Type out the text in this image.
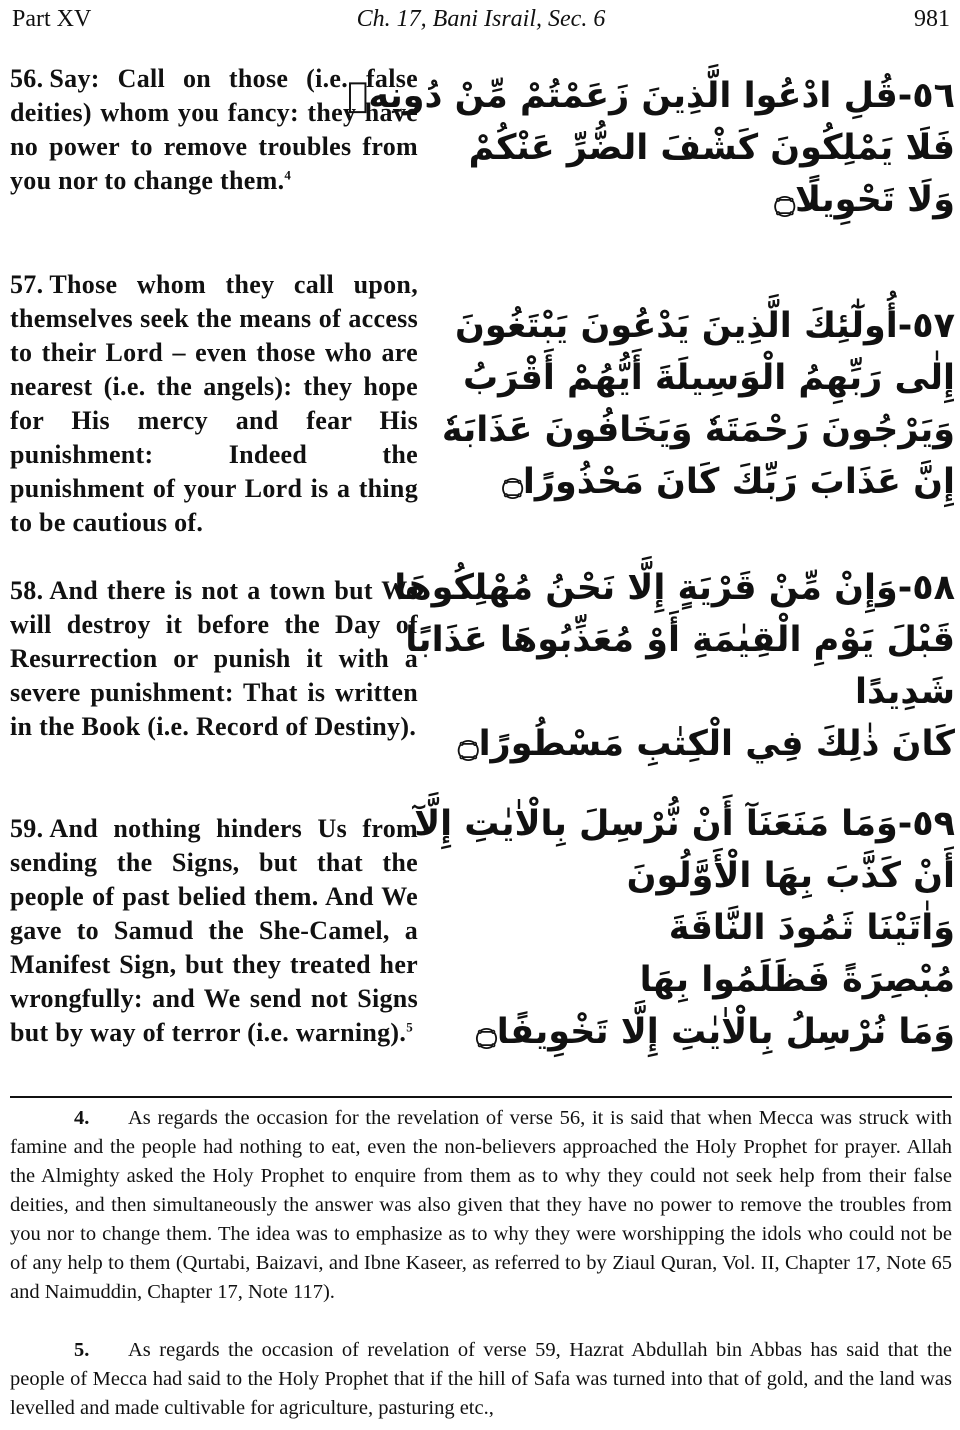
Part XV	Ch. 17, Bani Israil, Sec. 6	981
56. Say: Call on those (i.e. false deities) whom you fancy: they have no power to remove troubles from you nor to change them.$^4$
٥٦-قُلِ ادْعُوا الَّذِينَ زَعَمْتُمْ مِّنْ دُونِهٖ
فَلَا يَمْلِكُونَ كَشْفَ الضُّرِّ عَنْكُمْ
وَلَا تَحْوِيلًا۝
57. Those whom they call upon, themselves seek the means of access to their Lord – even those who are nearest (i.e. the angels): they hope for His mercy and fear His punishment: Indeed the punishment of your Lord is a thing to be cautious of.
٥٧-أُولٰٓئِكَ الَّذِينَ يَدْعُونَ يَبْتَغُونَ
إِلٰى رَبِّهِمُ الْوَسِيلَةَ أَيُّهُمْ أَقْرَبُ
وَيَرْجُونَ رَحْمَتَهٗ وَيَخَافُونَ عَذَابَهٗ
إِنَّ عَذَابَ رَبِّكَ كَانَ مَحْذُورًا۝
58. And there is not a town but We will destroy it before the Day of Resurrection or punish it with a severe punishment: That is written in the Book (i.e. Record of Destiny).
٥٨-وَإِنْ مِّنْ قَرْيَةٍ إِلَّا نَحْنُ مُهْلِكُوهَا
قَبْلَ يَوْمِ الْقِيٰمَةِ أَوْ مُعَذِّبُوهَا عَذَابًا
شَدِيدًا
كَانَ ذٰلِكَ فِي الْكِتٰبِ مَسْطُورًا۝
59. And nothing hinders Us from sending the Signs, but that the people of past belied them. And We gave to Samud the She-Camel, a Manifest Sign, but they treated her wrongfully: and We send not Signs but by way of terror (i.e. warning).$^5$
٥٩-وَمَا مَنَعَنَآ أَنْ نُّرْسِلَ بِالْاٰيٰتِ إِلَّآ
أَنْ كَذَّبَ بِهَا الْأَوَّلُونَ
وَاٰتَيْنَا ثَمُودَ النَّاقَةَ
مُبْصِرَةً فَظَلَمُوا بِهَا
وَمَا نُرْسِلُ بِالْاٰيٰتِ إِلَّا تَخْوِيفًا۝
4. As regards the occasion for the revelation of verse 56, it is said that when Mecca was struck with famine and the people had nothing to eat, even the non-believers approached the Holy Prophet for prayer. Allah the Almighty asked the Holy Prophet to enquire from them as to why they could not seek help from their false deities, and then simultaneously the answer was also given that they have no power to remove the troubles from you nor to change them. The idea was to emphasize as to why they were worshipping the idols who could not be of any help to them (Qurtabi, Baizavi, and Ibne Kaseer, as referred to by Ziaul Quran, Vol. II, Chapter 17, Note 65 and Naimuddin, Chapter 17, Note 117).
5. As regards the occasion of revelation of verse 59, Hazrat Abdullah bin Abbas has said that the people of Mecca had said to the Holy Prophet that if the hill of Safa was turned into that of gold, and the land was levelled and made cultivable for agriculture, pasturing etc.,
